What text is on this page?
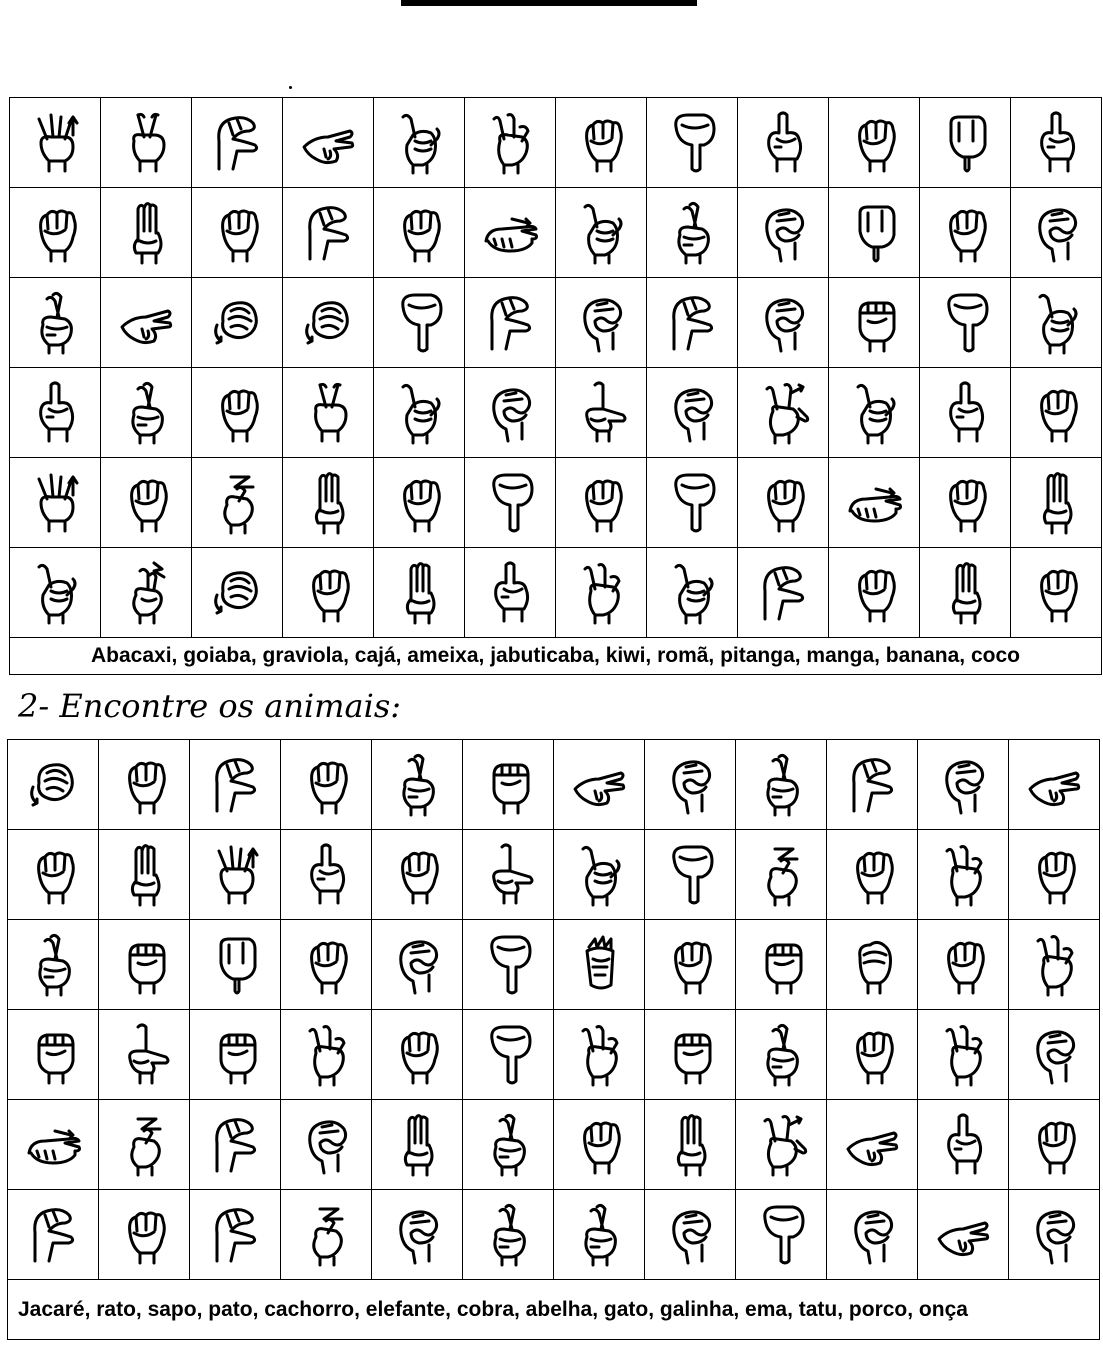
Abacaxi, goiaba, graviola, cajá, ameixa, jabuticaba, kiwi, romã, pitanga, manga, banana, coco											
2- Encontre os animais:

Jacaré, rato, sapo, pato, cachorro, elefante, cobra, abelha, gato, galinha, ema, tatu, porco, onça											
